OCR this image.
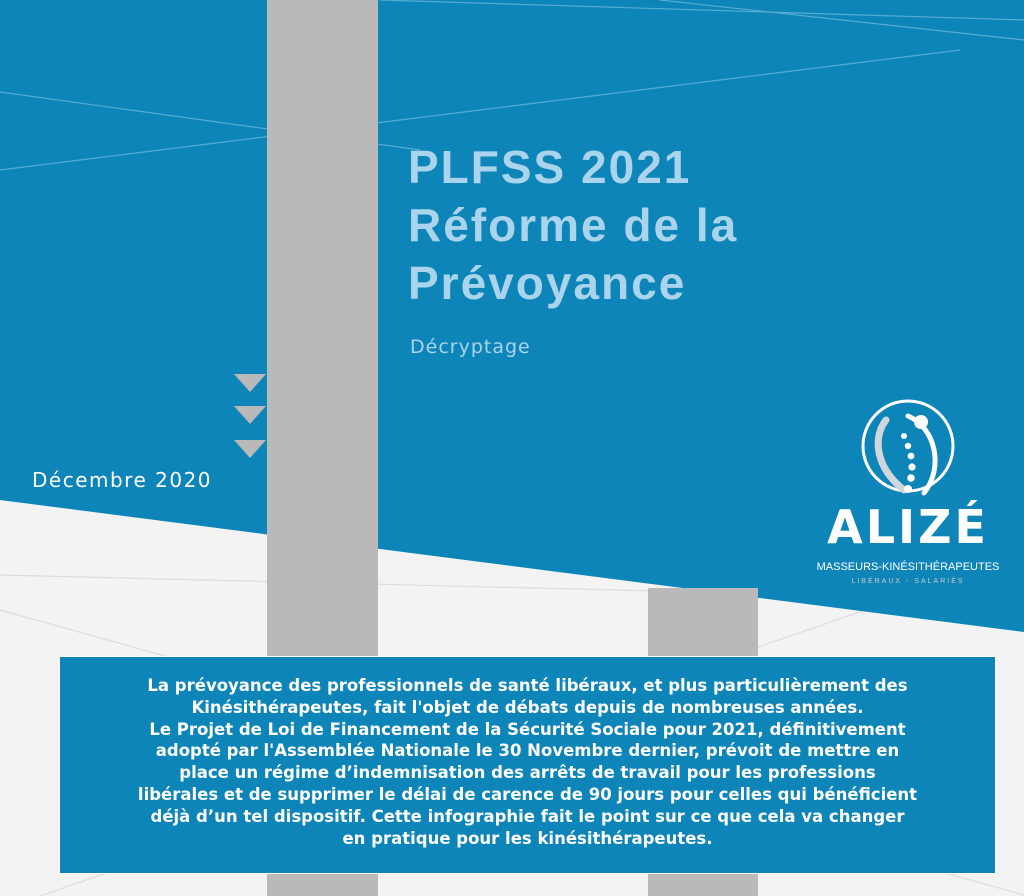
PLFSS 2021
Réforme de la
Prévoyance
Décryptage
Décembre 2020
ALIZÉ
MASSEURS-KINÉSITHÉRAPEUTES
LIBÉRAUX - SALARIÉS
La prévoyance des professionnels de santé libéraux, et plus particulièrement des
Kinésithérapeutes, fait l'objet de débats depuis de nombreuses années.
Le Projet de Loi de Financement de la Sécurité Sociale pour 2021, définitivement
adopté par l'Assemblée Nationale le 30 Novembre dernier, prévoit de mettre en
place un régime d’indemnisation des arrêts de travail pour les professions
libérales et de supprimer le délai de carence de 90 jours pour celles qui bénéficient
déjà d’un tel dispositif. Cette infographie fait le point sur ce que cela va changer
en pratique pour les kinésithérapeutes.
